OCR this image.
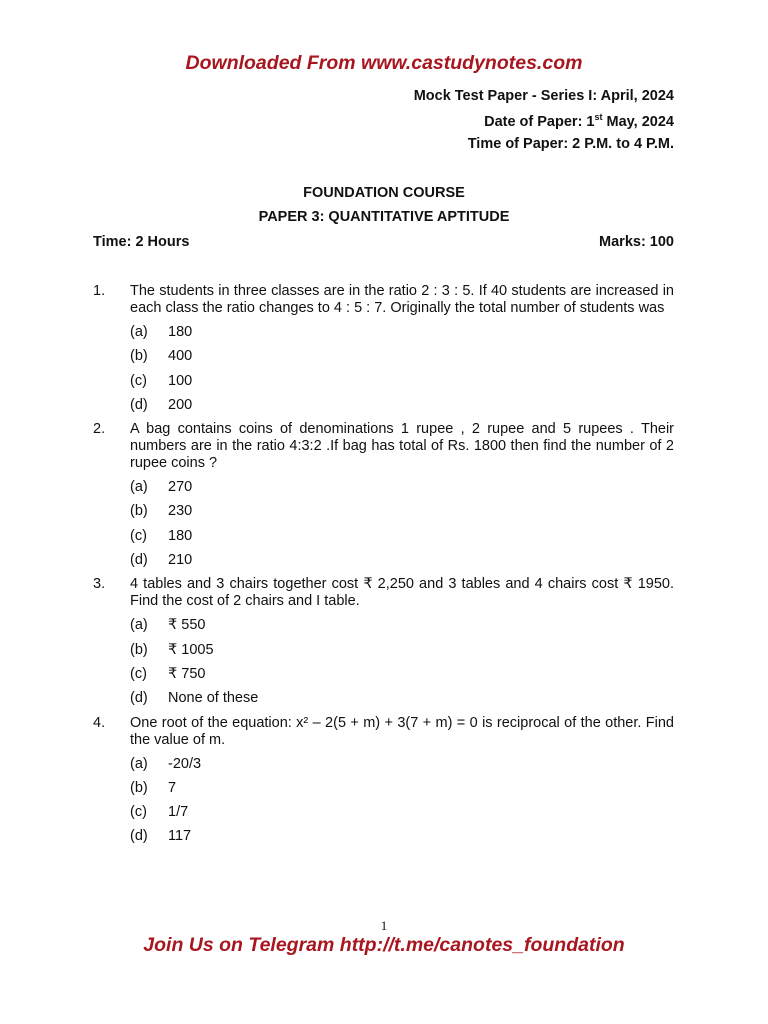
Downloaded From www.castudynotes.com
Mock Test Paper - Series I: April, 2024
Date of Paper: 1st May, 2024
Time of Paper: 2 P.M. to 4 P.M.
FOUNDATION COURSE
PAPER 3: QUANTITATIVE APTITUDE
Time: 2 Hours	Marks: 100
1.	The students in three classes are in the ratio 2 : 3 : 5. If 40 students are increased in each class the ratio changes to 4 : 5 : 7. Originally the total number of students was
(a)	180
(b)	400
(c)	100
(d)	200
2.	A bag contains coins of denominations 1 rupee , 2 rupee and 5 rupees . Their numbers are in the ratio 4:3:2 .If bag has total of Rs. 1800 then find the number of 2 rupee coins ?
(a)	270
(b)	230
(c)	180
(d)	210
3.	4 tables and 3 chairs together cost ₹ 2,250 and 3 tables and 4 chairs cost ₹ 1950. Find the cost of 2 chairs and I table.
(a)	₹ 550
(b)	₹ 1005
(c)	₹ 750
(d)	None of these
4.	One root of the equation: x² – 2(5 + m) + 3(7 + m) = 0 is reciprocal of the other. Find the value of m.
(a)	-20/3
(b)	7
(c)	1/7
(d)	117
1
Join Us on Telegram http://t.me/canotes_foundation
